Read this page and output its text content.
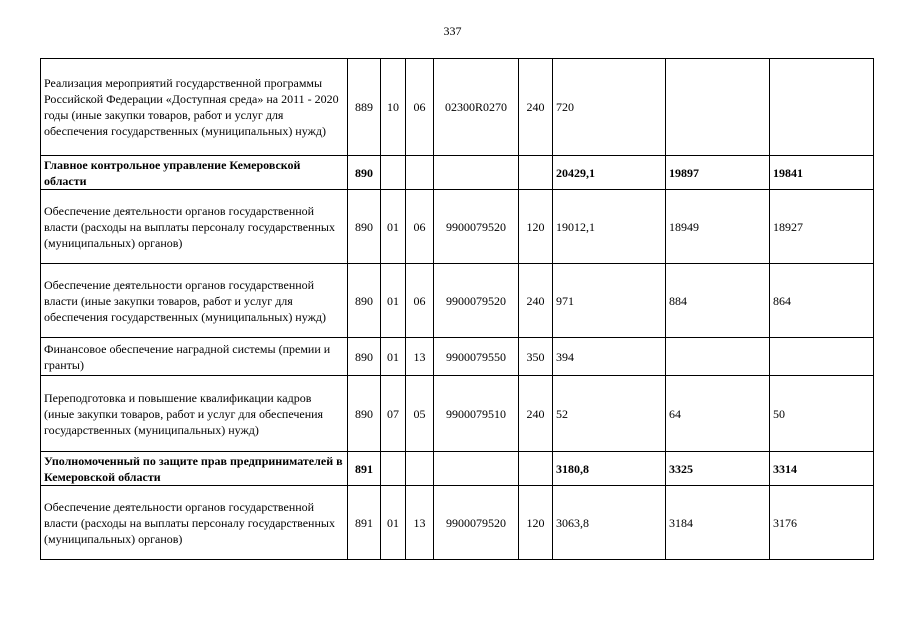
337
Реализация мероприятий государственной программы Российской Федерации «Доступная среда» на 2011 - 2020 годы (иные закупки товаров, работ и услуг для обеспечения государственных (муниципальных) нужд)	889	10	06	02300R0270	240	720		
Главное контрольное управление Кемеровской области	890					20429,1	19897	19841
Обеспечение деятельности органов государственной власти (расходы на выплаты персоналу государственных (муниципальных) органов)	890	01	06	9900079520	120	19012,1	18949	18927
Обеспечение деятельности органов государственной власти (иные закупки товаров, работ и услуг для обеспечения государственных (муниципальных) нужд)	890	01	06	9900079520	240	971	884	864
Финансовое обеспечение наградной системы (премии и гранты)	890	01	13	9900079550	350	394		
Переподготовка и повышение квалификации кадров (иные закупки товаров, работ и услуг для обеспечения государственных (муниципальных) нужд)	890	07	05	9900079510	240	52	64	50
Уполномоченный по защите прав предпринимателей в Кемеровской области	891					3180,8	3325	3314
Обеспечение деятельности органов государственной власти (расходы на выплаты персоналу государственных (муниципальных) органов)	891	01	13	9900079520	120	3063,8	3184	3176
